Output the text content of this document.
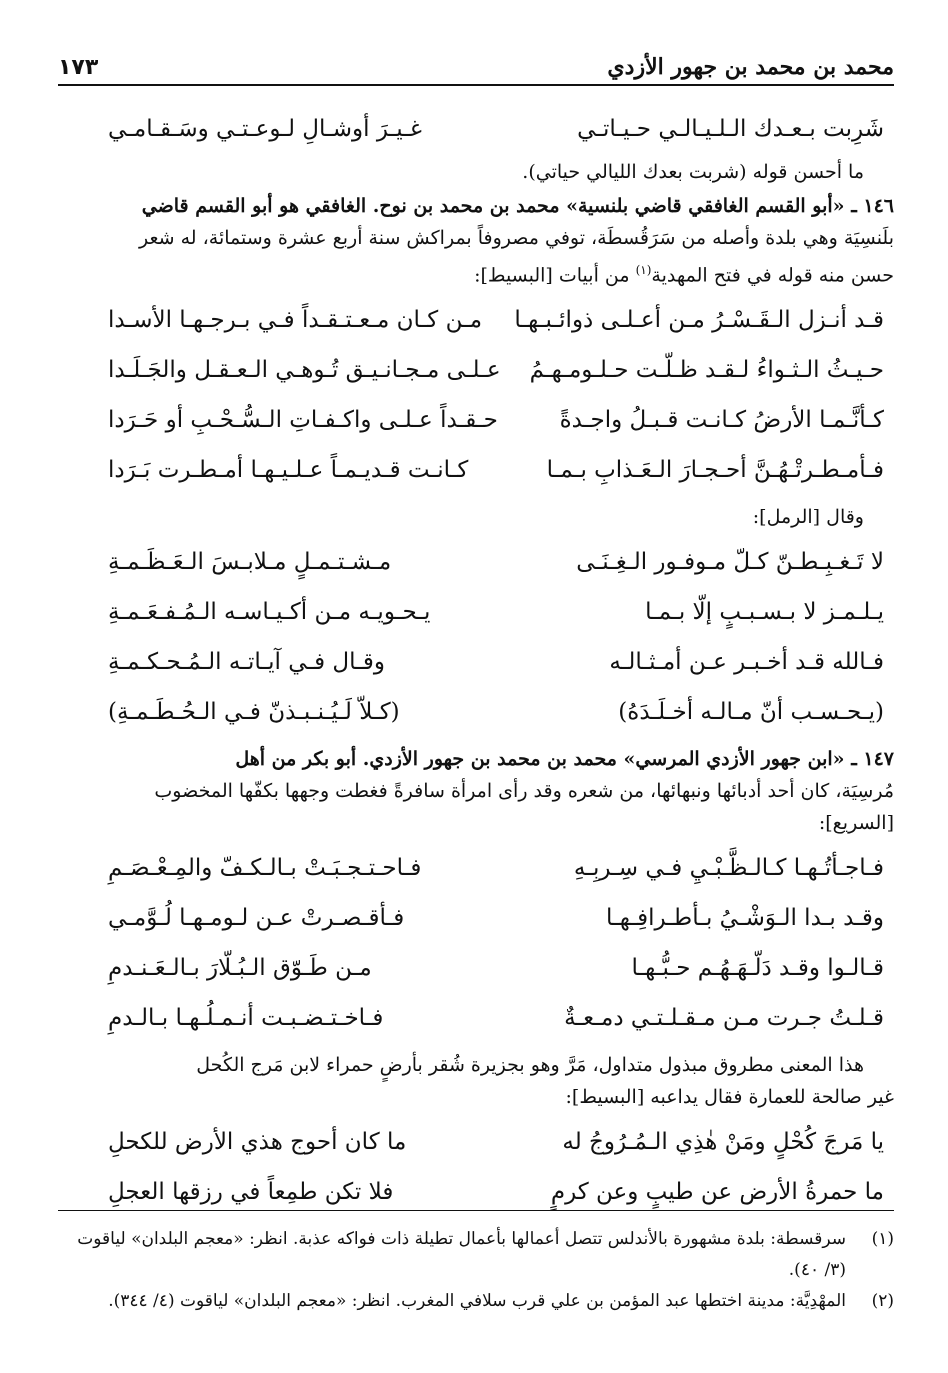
محمد بن محمد بن جهور الأزدي
١٧٣
شَرِبت بـعـدك الـلـيـالـي حـيـاتـي
غـيـرَ أوشـالِ لـوعـتـي وسَـقـامـي
ما أحسن قوله (شربت بعدك الليالي حياتي).
١٤٦ ـ «أبو القسم الغافقي قاضي بلنسية» محمد بن محمد بن نوح. الغافقي هو أبو القسم قاضي
بلَنسِيَة وهي بلدة وأصله من سَرَقُسطَة، توفي مصروفاً بمراكش سنة أربع عشرة وستمائة، له شعر
حسن منه قوله في فتح المهدية$^{(١)}$ من أبيات [البسيط]:
قـد أنـزل الـقَـسْـرُ مـن أعـلـى ذوائـبـهـا
مـن كـان مـعـتـقـداً فـي بـرجـهـا الأسـدا
حـيـثُ الـثـواءُ لـقـد ظـلّـت حـلـومـهـمُ
عـلـى مـجـانـيـق تُـوهـي الـعـقـل والجَـلَـدا
كـأنَّـمـا الأرضُ كـانـت قـبـلُ واجـدةً
حـقـداً عـلـى واكـفـاتِ الـسُّـحْـبِ أو حَـرَدا
فـأمـطـرتْـهُـنَّ أحـجـارَ الـعَـذابِ بـمـا
كـانـت قـديـمـاً عـلـيـهـا أمـطـرت بَـرَدا
وقال [الرمل]:
لا تَـغـبِـطـنّ كـلّ مـوفـور الـغِـنَـى
مـشـتـمـلٍ مـلابـسَ الـعَـظَـمـةِ
يـلـمـز لا بـسـبـبٍ إلّا بـمـا
يـحـويـه مـن أكـيـاسـه الـمُـفـعَـمـةِ
فـالله قـد أخـبـر عـن أمـثـالـه
وقـال فـي آيـاتـه الـمُـحـكـمـةِ
(يـحـسـب أنّ مـالـه أخـلَـدَهُ)
(كـلاّ لَـيُـنـبـذنّ فـي الـحُـطَـمـةِ)
١٤٧ ـ «ابن جهور الأزدي المرسي» محمد بن محمد بن جهور الأزدي. أبو بكر من أهل
مُرسِيَة، كان أحد أدبائها ونبهائها، من شعره وقد رأى امرأة سافرةً فغطت وجهها بكفّها المخضوب
[السريع]:
فـاجـأتُـهـا كـالـظَّـبْـيِ فـي سِـربِـهِ
فـاحـتـجـبَـتْ بـالـكـفّ والمِـعْـصَـمِ
وقـد بـدا الـوَشْـيُ بـأطـرافِـهـا
فـأقـصـرتْ عـن لـومـهـا لُـوَّمـي
قـالـوا وقـد دَلّـهَـهُـم حـبُّـهـا
مـن طَـوّق الـبُـلّارَ بـالـعَـنـدمِ
قـلـتُ جـرت مـن مـقـلـتـي دمـعـةٌ
فـاخـتـضـبـت أنـمـلُـهـا بـالـدمِ
هذا المعنى مطروق مبذول متداول، مَرَّ وهو بجزيرة شُقر بأرضٍ حمراء لابن مَرج الكُحل
غير صالحة للعمارة فقال يداعبه [البسيط]:
يا مَرجَ كُحْلٍ ومَنْ هٰذِي الـمُـرُوجُ له
ما كان أحوج هذي الأرض للكحلِ
ما حمرةُ الأرض عن طيبٍ وعن كرمٍ
فلا تكن طمِعاً في رزقها العجلِ
(١)
سرقسطة: بلدة مشهورة بالأندلس تتصل أعمالها بأعمال تطيلة ذات فواكه عذبة. انظر: «معجم البلدان» لياقوت
(٣/ ٤٠).
(٢)
المهْدِيَّة: مدينة اختطها عبد المؤمن بن علي قرب سلافي المغرب. انظر: «معجم البلدان» لياقوت (٤/ ٣٤٤).
